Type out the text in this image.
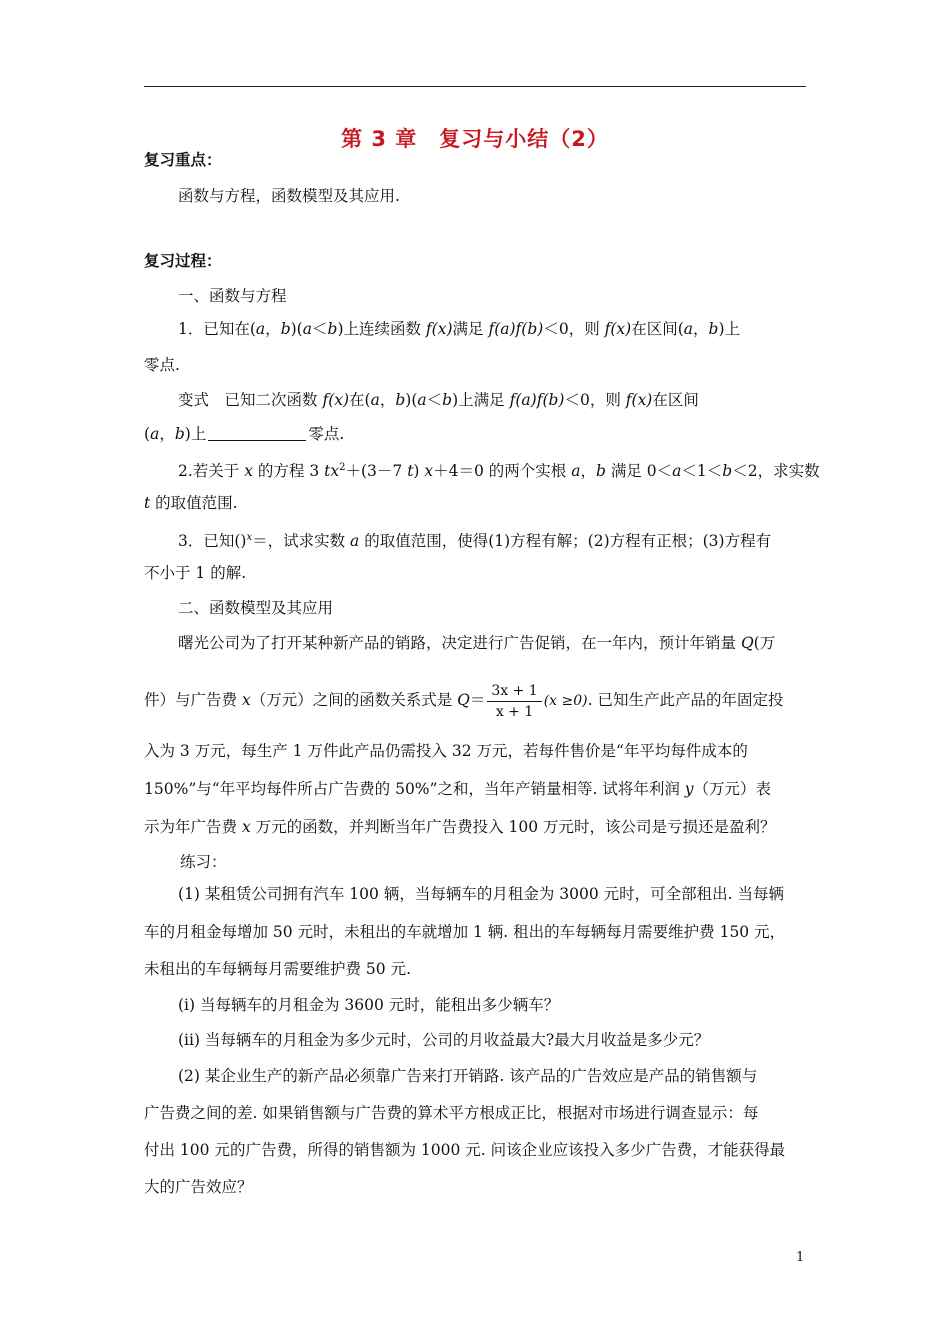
第 3 章　复习与小结（2）
复习重点：
函数与方程，函数模型及其应用.
复习过程：
一、函数与方程
1．已知在(a，b)(a＜b)上连续函数 f(x)满足 f(a)f(b)＜0，则 f(x)在区间(a，b)上
零点.
变式　已知二次函数 f(x)在(a，b)(a＜b)上满足 f(a)f(b)＜0，则 f(x)在区间
(a，b)上	零点.
2.若关于 x 的方程 3 $tx^2+(3-7$ t) x＋4＝0 的两个实根 a，b 满足 0＜a＜1＜b＜2，求实数
t 的取值范围.
3．已知()$^x$＝，试求实数 a 的取值范围，使得(1)方程有解；(2)方程有正根；(3)方程有
不小于 1 的解.
二、函数模型及其应用
曙光公司为了打开某种新产品的销路，决定进行广告促销，在一年内，预计年销量 Q(万
件）与广告费 x（万元）之间的函数关系式是 $Q= \frac{3x + 1}{x + 1} (x \ge 0)$. 已知生产此产品的年固定投
入为 3 万元，每生产 1 万件此产品仍需投入 32 万元，若每件售价是“年平均每件成本的
150%”与“年平均每件所占广告费的 50%”之和，当年产销量相等. 试将年利润 y（万元）表
示为年广告费 x 万元的函数，并判断当年广告费投入 100 万元时，该公司是亏损还是盈利？
练习：
(1) 某租赁公司拥有汽车 100 辆，当每辆车的月租金为 3000 元时，可全部租出. 当每辆
车的月租金每增加 50 元时，未租出的车就增加 1 辆. 租出的车每辆每月需要维护费 150 元，
未租出的车每辆每月需要维护费 50 元.
(i) 当每辆车的月租金为 3600 元时，能租出多少辆车？
(ii) 当每辆车的月租金为多少元时，公司的月收益最大?最大月收益是多少元？
(2) 某企业生产的新产品必须靠广告来打开销路. 该产品的广告效应是产品的销售额与
广告费之间的差. 如果销售额与广告费的算术平方根成正比，根据对市场进行调查显示：每
付出 100 元的广告费，所得的销售额为 1000 元. 问该企业应该投入多少广告费，才能获得最
大的广告效应？
1
